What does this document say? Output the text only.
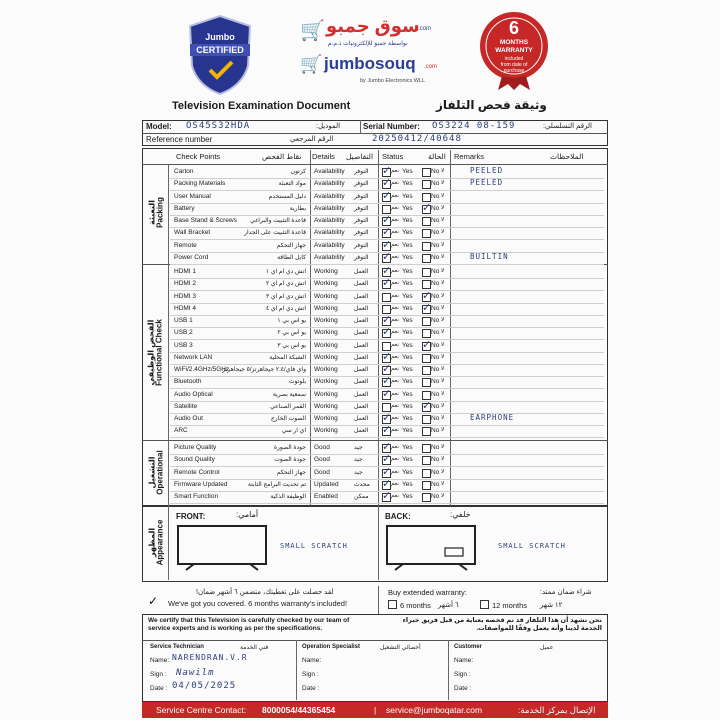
Jumbo
CERTIFIED
🛒 سوق جمبو
.com
بواسطة جمبو للإلكترونيات ذ.م.م
🛒 jumbosouq .com
by Jumbo Electronics WLL
6
MONTHS
WARRANTY
included
from date of
purchase
Television Examination Document	وثيقة فحص التلفاز
Model: OS45S32HDA	الموديل:	Serial Number: OS3224 08-159	الرقم التسلسلي:
Reference number	الرقم المرجعي	20250412/40648
Check Points	نقاط الفحص Details التفاصيل Status	الحالة Remarks	الملاحظات
التعبئة Packing
الفحص الوظيفي Functional Check
التشغيل Operational
Carton	كرتون Availability التوفر ✓	نعم Yes	No لا	PEELED
Packing Materials	مواد التعبئة Availability التوفر ✓	نعم Yes	No لا	PEELED
User Manual	دليل المستخدم Availability التوفر ✓	نعم Yes	No لا
Battery	بطارية Availability التوفر	نعم Yes ✓	No لا
Base Stand & Screws	قاعدة التثبيت والبراغي Availability التوفر ✓	نعم Yes	No لا
Wall Bracket	قاعدة التثبيت على الجدار Availability التوفر ✓	نعم Yes	No لا
Remote	جهاز التحكم Availability التوفر ✓	نعم Yes	No لا
Power Cord	كابل الطاقة Availability التوفر ✓	نعم Yes	No لا	BUILTIN
HDMI 1	اتش دي ام اي ١ Working	العمل ✓	نعم Yes	No لا
HDMI 2	اتش دي ام اي ٢ Working	العمل ✓	نعم Yes	No لا
HDMI 3	اتش دي ام اي ٣ Working	العمل	نعم Yes ✓	No لا
HDMI 4	اتش دي ام اي ٤ Working	العمل	نعم Yes ✓	No لا
USB 1	يو اس بي ١ Working	العمل ✓	نعم Yes	No لا
USB 2	يو اس بي ٢ Working	العمل ✓	نعم Yes	No لا
USB 3	يو اس بي ٣ Working	العمل	نعم Yes ✓	No لا
Network LAN	الشبكة المحلية Working	العمل ✓	نعم Yes	No لا
WiFi/2.4GHz/5GHz
واي فاي/٢.٤ جيجاهرتز/٥ جيجاهرتز Working	العمل ✓	نعم Yes	No لا
Bluetooth	بلوتوث Working	العمل ✓	نعم Yes	No لا
Audio Optical	سمعية بصرية Working	العمل ✓	نعم Yes	No لا
Satellite	القمر الصناعي Working	العمل	نعم Yes ✓	No لا
Audio Out	الصوت الخارج Working	العمل ✓	نعم Yes	No لا	EARPHONE
ARC	اي ار سي Working	العمل ✓	نعم Yes	No لا
Picture Quality	جودة الصورة Good	جيد ✓	نعم Yes	No لا
Sound Quality	جودة الصوت Good	جيد ✓	نعم Yes	No لا
Remote Control	جهاز التحكم Good	جيد ✓	نعم Yes	No لا
Firmware Updated	تم تحديث البرامج الثابتة Updated	محدث ✓	نعم Yes	No لا
Smart Function	الوظيفة الذكية Enabled	ممكن ✓	نعم Yes	No لا
المظهر Appearance
FRONT:	أمامي:
SMALL SCRATCH
BACK:	خلفي:
SMALL SCRATCH
لقد حصلت على تغطيتك، متضمن ٦ أشهر ضمان!
✓ We've got you covered. 6 months warranty's included!
Buy extended warranty:	شراء ضمان ممتد:
6 months ٦ أشهر	12 months ١٢ شهر
We certify that this Television is carefully checked by our team of service experts and is working as per the specifications.
نحن نشهد أن هذا التلفاز قد تم فحصه بعناية من قبل فريق خبراء الخدمة لدينا وأنه يعمل وفقًا للمواصفات.
Service Technician	فني الخدمة
Name: NARENDRAN.V.R
Sign : Nawilm
Date : 04/05/2025
Operation Specialist	أخصائي التشغيل
Name:
Sign :
Date :
Customer	عميل
Name:
Sign :
Date :
Service Centre Contact: 8000054/44365454	| service@jumboqatar.com	الإتصال بمركز الخدمة:
